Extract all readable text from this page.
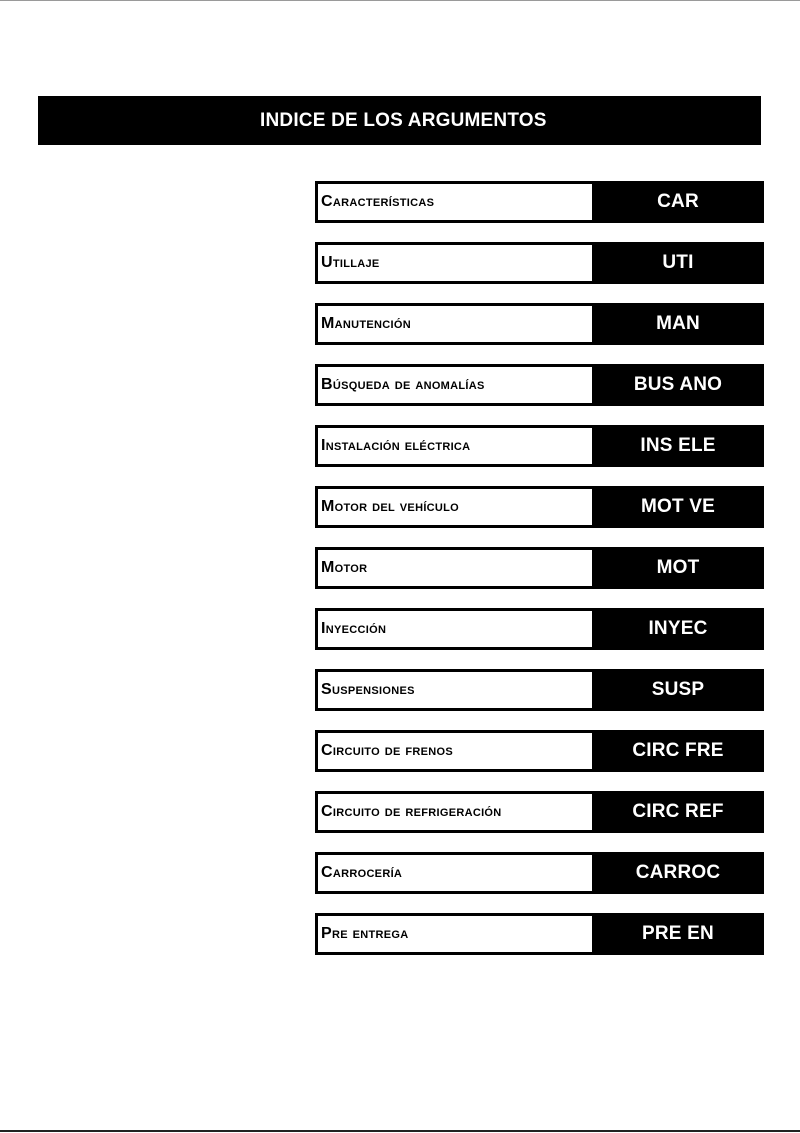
INDICE DE LOS ARGUMENTOS
Características	CAR
Utillaje	UTI
Manutención	MAN
Búsqueda de anomalías	BUS ANO
Instalación eléctrica	INS ELE
Motor del vehículo	MOT VE
Motor	MOT
Inyección	INYEC
Suspensiones	SUSP
Circuito de frenos	CIRC FRE
Circuito de refrigeración	CIRC REF
Carrocería	CARROC
Pre entrega	PRE EN
